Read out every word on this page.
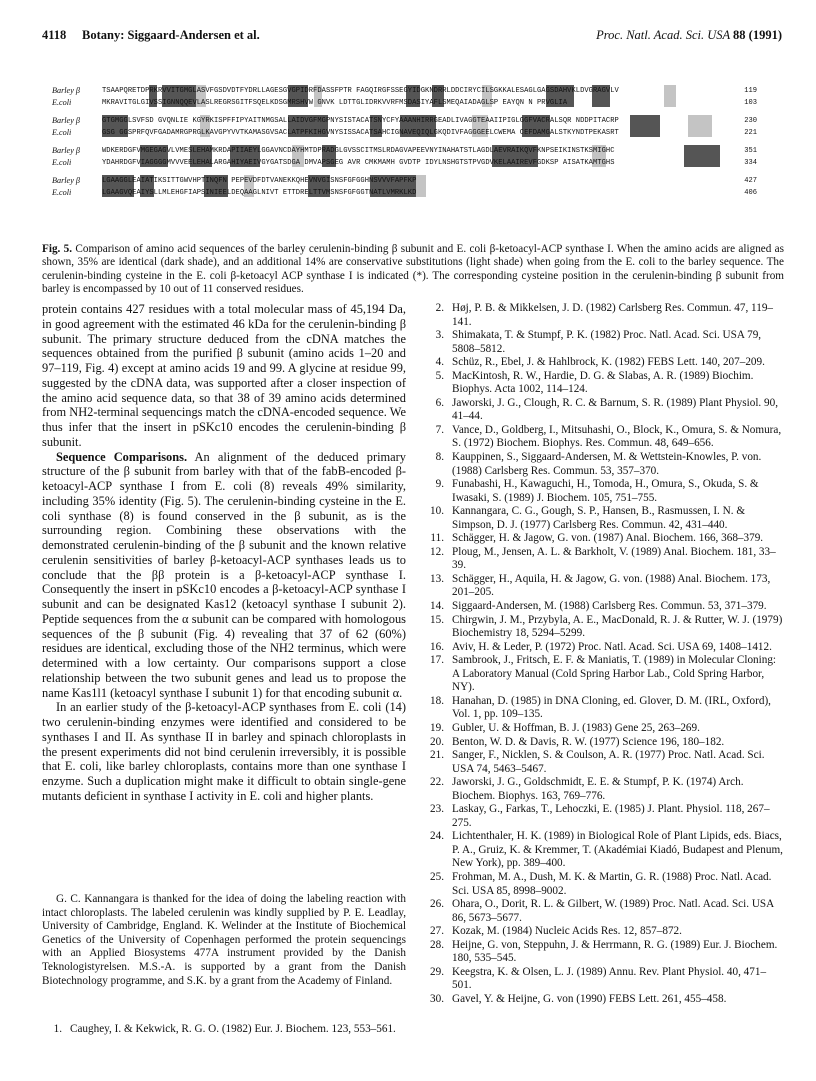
4118 Botany: Siggaard-Andersen et al.	Proc. Natl. Acad. Sci. USA 88 (1991)
Barley β	TSAAPQRETDPRKRVVITGMGLASVFGSDVDTFYDRLLAGESGVGPIDRFDASSFPTR FAGQIRGFSSEGYIDGKNDRRLDDCIRYCILSGKKALESAGLGAGSDAHVKLDVGRAGVLV	119
E.coli	MKRAVITGLGIVSSIGNNQQEVLASLREGRSGITFSQELKDSGMRSHVW GNVK LDTTGLIDRKVVRFMSDASIYAFLSMEQAIADAGLSP EAYQN N PRVGLIA	103
Barley β	GTGMGGLSVFSD GVQNLIE KGYRKISPFFIPYAITNMGSALLAIDVGFMGPNYSISTACATSNYCFYAAANHIRRGEADLIVAGGTEAAIIPIGLGGFVACRALSQR NDDPITACRP	230
E.coli	GSG GGSPRFQVFGADAMRGPRGLKAVGPYVVTKAMASGVSACLATPFKIHGVNYSISSACATSAHCIGNAVEQIQLGKQDIVFAGGGEELCWEMA CEFDAMGALSTKYNDTPEKASRT	221
Barley β	WDKERDGFVMGEGAGVLVMESLEHAMKRDAPIIAEYLGGAVNCDAYHMTDPRADGLGVSSCITMSLRDAGVAPEEVNYINAHATSTLAGDLAEVRAIKQVFKNPSEIKINSTKSMIGHC	351
E.coli	YDAHRDGFVIAGGGGMVVVEELEHALARGAHIYAEIVGYGATSDGA DMVAPSGEG AVR CMKMAMH GVDTP IDYLNSHGTSTPVGDVKELAAIREVFGDKSP AISATKAMTGHS	334
Barley β	LGAAGGLEAIATIKSITTGWVHPTINQFN PEPEVDFDTVANEKKQHEVNVGISNSFGFGGHNSVVVFAPFKP	427
E.coli	LGAAGVQEAIYSLLMLEHGFIAPSINIEELDEQAAGLNIVT ETTDRELTTVMSNSFGFGGTNATLVMRKLKD	406
Fig. 5. Comparison of amino acid sequences of the barley cerulenin-binding β subunit and E. coli β-ketoacyl-ACP synthase I. When the amino acids are aligned as shown, 35% are identical (dark shade), and an additional 14% are conservative substitutions (light shade) when going from the E. coli to the barley sequence. The cerulenin-binding cysteine in the E. coli β-ketoacyl ACP synthase I is indicated (*). The corresponding cysteine position in the cerulenin-binding β subunit from barley is encompassed by 10 out of 11 conserved residues.

protein contains 427 residues with a total molecular mass of 45,194 Da, in good agreement with the estimated 46 kDa for the cerulenin-binding β subunit. The primary structure deduced from the cDNA matches the sequences obtained from the purified β subunit (amino acids 1–20 and 97–119, Fig. 4) except at amino acids 19 and 99. A glycine at residue 99, suggested by the cDNA data, was supported after a closer inspection of the amino acid sequence data, so that 38 of 39 amino acids determined from NH2-terminal sequencings match the cDNA-encoded sequence. We thus infer that the insert in pSKc10 encodes the cerulenin-binding β subunit.

Sequence Comparisons. An alignment of the deduced primary structure of the β subunit from barley with that of the fabB-encoded β-ketoacyl-ACP synthase I from E. coli (8) reveals 49% similarity, including 35% identity (Fig. 5). The cerulenin-binding cysteine in the E. coli synthase (8) is found conserved in the β subunit, as is the surrounding region. Combining these observations with the demonstrated cerulenin-binding of the β subunit and the known relative cerulenin sensitivities of barley β-ketoacyl-ACP synthases leads us to conclude that the ββ protein is a β-ketoacyl-ACP synthase I. Consequently the insert in pSKc10 encodes a β-ketoacyl-ACP synthase I subunit and can be designated Kas12 (ketoacyl synthase I subunit 2). Peptide sequences from the α subunit can be compared with homologous sequences of the β subunit (Fig. 4) revealing that 37 of 62 (60%) residues are identical, excluding those of the NH2 terminus, which were determined with a low certainty. Our comparisons support a close relationship between the two subunit genes and lead us to propose the name Kas1l1 (ketoacyl synthase I subunit 1) for that encoding subunit α.

In an earlier study of the β-ketoacyl-ACP synthases from E. coli (14) two cerulenin-binding enzymes were identified and considered to be synthases I and II. As synthase II in barley and spinach chloroplasts in the present experiments did not bind cerulenin irreversibly, it is possible that E. coli, like barley chloroplasts, contains more than one synthase I enzyme. Such a duplication might make it difficult to obtain single-gene mutants deficient in synthase I activity in E. coli and higher plants.

G. C. Kannangara is thanked for the idea of doing the labeling reaction with intact chloroplasts. The labeled cerulenin was kindly supplied by P. E. Leadlay, University of Cambridge, England. K. Welinder at the Institute of Biochemical Genetics of the University of Copenhagen performed the protein sequencings with an Applied Biosystems 477A instrument provided by the Danish Teknologistyrelsen. M.S.-A. is supported by a grant from the Danish Biotechnology programme, and S.K. by a grant from the Academy of Finland.
1. Caughey, I. & Kekwick, R. G. O. (1982) Eur. J. Biochem. 123, 553–561.
2. Høj, P. B. & Mikkelsen, J. D. (1982) Carlsberg Res. Commun. 47, 119–141.
3. Shimakata, T. & Stumpf, P. K. (1982) Proc. Natl. Acad. Sci. USA 79, 5808–5812.
4. Schüz, R., Ebel, J. & Hahlbrock, K. (1982) FEBS Lett. 140, 207–209.
5. MacKintosh, R. W., Hardie, D. G. & Slabas, A. R. (1989) Biochim. Biophys. Acta 1002, 114–124.
6. Jaworski, J. G., Clough, R. C. & Barnum, S. R. (1989) Plant Physiol. 90, 41–44.
7. Vance, D., Goldberg, I., Mitsuhashi, O., Block, K., Omura, S. & Nomura, S. (1972) Biochem. Biophys. Res. Commun. 48, 649–656.
8. Kauppinen, S., Siggaard-Andersen, M. & Wettstein-Knowles, P. von. (1988) Carlsberg Res. Commun. 53, 357–370.
9. Funabashi, H., Kawaguchi, H., Tomoda, H., Omura, S., Okuda, S. & Iwasaki, S. (1989) J. Biochem. 105, 751–755.
10. Kannangara, C. G., Gough, S. P., Hansen, B., Rasmussen, I. N. & Simpson, D. J. (1977) Carlsberg Res. Commun. 42, 431–440.
11. Schägger, H. & Jagow, G. von. (1987) Anal. Biochem. 166, 368–379.
12. Ploug, M., Jensen, A. L. & Barkholt, V. (1989) Anal. Biochem. 181, 33–39.
13. Schägger, H., Aquila, H. & Jagow, G. von. (1988) Anal. Biochem. 173, 201–205.
14. Siggaard-Andersen, M. (1988) Carlsberg Res. Commun. 53, 371–379.
15. Chirgwin, J. M., Przybyla, A. E., MacDonald, R. J. & Rutter, W. J. (1979) Biochemistry 18, 5294–5299.
16. Aviv, H. & Leder, P. (1972) Proc. Natl. Acad. Sci. USA 69, 1408–1412.
17. Sambrook, J., Fritsch, E. F. & Maniatis, T. (1989) in Molecular Cloning: A Laboratory Manual (Cold Spring Harbor Lab., Cold Spring Harbor, NY).
18. Hanahan, D. (1985) in DNA Cloning, ed. Glover, D. M. (IRL, Oxford), Vol. 1, pp. 109–135.
19. Gubler, U. & Hoffman, B. J. (1983) Gene 25, 263–269.
20. Benton, W. D. & Davis, R. W. (1977) Science 196, 180–182.
21. Sanger, F., Nicklen, S. & Coulson, A. R. (1977) Proc. Natl. Acad. Sci. USA 74, 5463–5467.
22. Jaworski, J. G., Goldschmidt, E. E. & Stumpf, P. K. (1974) Arch. Biochem. Biophys. 163, 769–776.
23. Laskay, G., Farkas, T., Lehoczki, E. (1985) J. Plant. Physiol. 118, 267–275.
24. Lichtenthaler, H. K. (1989) in Biological Role of Plant Lipids, eds. Biacs, P. A., Gruiz, K. & Kremmer, T. (Akadémiai Kiadó, Budapest and Plenum, New York), pp. 389–400.
25. Frohman, M. A., Dush, M. K. & Martin, G. R. (1988) Proc. Natl. Acad. Sci. USA 85, 8998–9002.
26. Ohara, O., Dorit, R. L. & Gilbert, W. (1989) Proc. Natl. Acad. Sci. USA 86, 5673–5677.
27. Kozak, M. (1984) Nucleic Acids Res. 12, 857–872.
28. Heijne, G. von, Steppuhn, J. & Herrmann, R. G. (1989) Eur. J. Biochem. 180, 535–545.
29. Keegstra, K. & Olsen, L. J. (1989) Annu. Rev. Plant Physiol. 40, 471–501.
30. Gavel, Y. & Heijne, G. von (1990) FEBS Lett. 261, 455–458.
